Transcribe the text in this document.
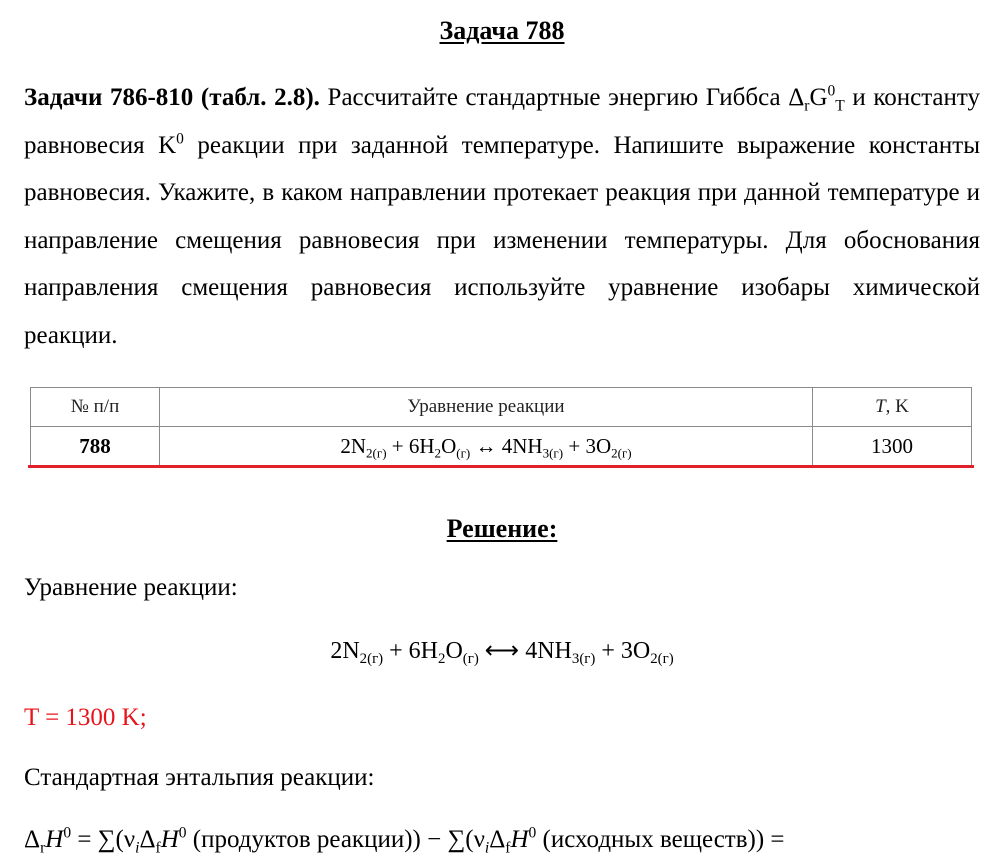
Задача 788
Задачи 786-810 (табл. 2.8). Рассчитайте стандартные энергию Гиббса $\Delta_rG^0_T$ и константу равновесия $K^0$ реакции при заданной температуре. Напишите выражение константы равновесия. Укажите, в каком направлении протекает реакция при данной температуре и направление смещения равновесия при изменении температуры. Для обоснования направления смещения равновесия используйте уравнение изобары химической реакции.
№ п/п	Уравнение реакции	T, K
788	$2N_{2(г)} + 6H_2O_{(г)}$ ↔ $4NH_{3(г)} + 3O_{2(г)}$	1300
Решение:
Уравнение реакции:
$2N_{2(г)} + 6H_2O_{(г)}$ ⟷ $4NH_{3(г)} + 3O_{2(г)}$
T = 1300 K;
Стандартная энтальпия реакции:
$\Delta_rH^0 = \sum(\nu_i\Delta_fH^0$ (продуктов реакции)) − $\sum(\nu_i\Delta_fH^0$ (исходных веществ)) =
